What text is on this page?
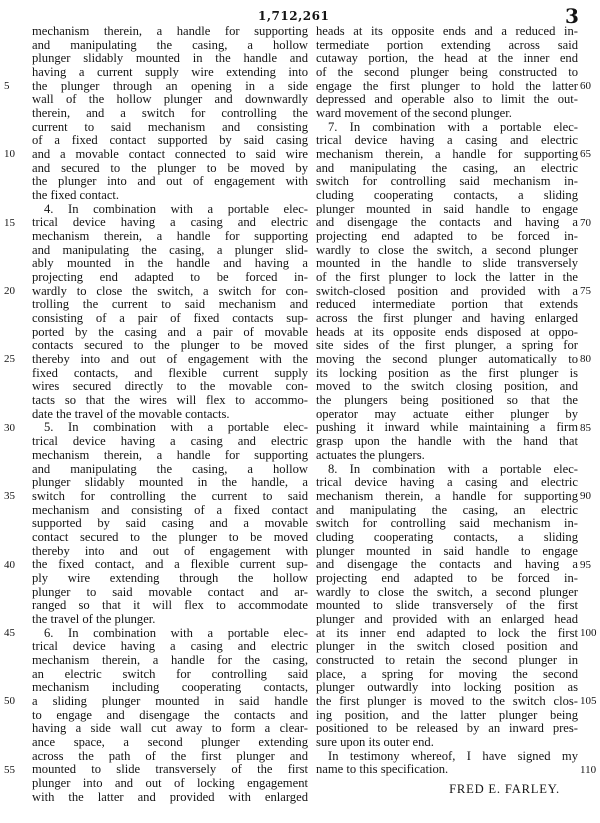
1,712,261	3
mechanism therein, a handle for supporting
and manipulating the casing, a hollow
plunger slidably mounted in the handle and
having a current supply wire extending into
the plunger through an opening in a side
wall of the hollow plunger and downwardly
therein, and a switch for controlling the
current to said mechanism and consisting
of a fixed contact supported by said casing
and a movable contact connected to said wire
and secured to the plunger to be moved by
the plunger into and out of engagement with
the fixed contact.
4. In combination with a portable elec-
trical device having a casing and electric
mechanism therein, a handle for supporting
and manipulating the casing, a plunger slid-
ably mounted in the handle and having a
projecting end adapted to be forced in-
wardly to close the switch, a switch for con-
trolling the current to said mechanism and
consisting of a pair of fixed contacts sup-
ported by the casing and a pair of movable
contacts secured to the plunger to be moved
thereby into and out of engagement with the
fixed contacts, and flexible current supply
wires secured directly to the movable con-
tacts so that the wires will flex to accommo-
date the travel of the movable contacts.
5. In combination with a portable elec-
trical device having a casing and electric
mechanism therein, a handle for supporting
and manipulating the casing, a hollow
plunger slidably mounted in the handle, a
switch for controlling the current to said
mechanism and consisting of a fixed contact
supported by said casing and a movable
contact secured to the plunger to be moved
thereby into and out of engagement with
the fixed contact, and a flexible current sup-
ply wire extending through the hollow
plunger to said movable contact and ar-
ranged so that it will flex to accommodate
the travel of the plunger.
6. In combination with a portable elec-
trical device having a casing and electric
mechanism therein, a handle for the casing,
an electric switch for controlling said
mechanism including cooperating contacts,
a sliding plunger mounted in said handle
to engage and disengage the contacts and
having a side wall cut away to form a clear-
ance space, a second plunger extending
across the path of the first plunger and
mounted to slide transversely of the first
plunger into and out of locking engagement
with the latter and provided with enlarged
heads at its opposite ends and a reduced in-
termediate portion extending across said
cutaway portion, the head at the inner end
of the second plunger being constructed to
engage the first plunger to hold the latter
depressed and operable also to limit the out-
ward movement of the second plunger.
7. In combination with a portable elec-
trical device having a casing and electric
mechanism therein, a handle for supporting
and manipulating the casing, an electric
switch for controlling said mechanism in-
cluding cooperating contacts, a sliding
plunger mounted in said handle to engage
and disengage the contacts and having a
projecting end adapted to be forced in-
wardly to close the switch, a second plunger
mounted in the handle to slide transversely
of the first plunger to lock the latter in the
switch-closed position and provided with a
reduced intermediate portion that extends
across the first plunger and having enlarged
heads at its opposite ends disposed at oppo-
site sides of the first plunger, a spring for
moving the second plunger automatically to
its locking position as the first plunger is
moved to the switch closing position, and
the plungers being positioned so that the
operator may actuate either plunger by
pushing it inward while maintaining a firm
grasp upon the handle with the hand that
actuates the plungers.
8. In combination with a portable elec-
trical device having a casing and electric
mechanism therein, a handle for supporting
and manipulating the casing, an electric
switch for controlling said mechanism in-
cluding cooperating contacts, a sliding
plunger mounted in said handle to engage
and disengage the contacts and having a
projecting end adapted to be forced in-
wardly to close the switch, a second plunger
mounted to slide transversely of the first
plunger and provided with an enlarged head
at its inner end adapted to lock the first
plunger in the switch closed position and
constructed to retain the second plunger in
place, a spring for moving the second
plunger outwardly into locking position as
the first plunger is moved to the switch clos-
ing position, and the latter plunger being
positioned to be released by an inward pres-
sure upon its outer end.
In testimony whereof, I have signed my
name to this specification.
FRED E. FARLEY.
5
10
15
20
25
30
35
40
45
50
55
60
65
70
75
80
85
90
95
100
105
110
